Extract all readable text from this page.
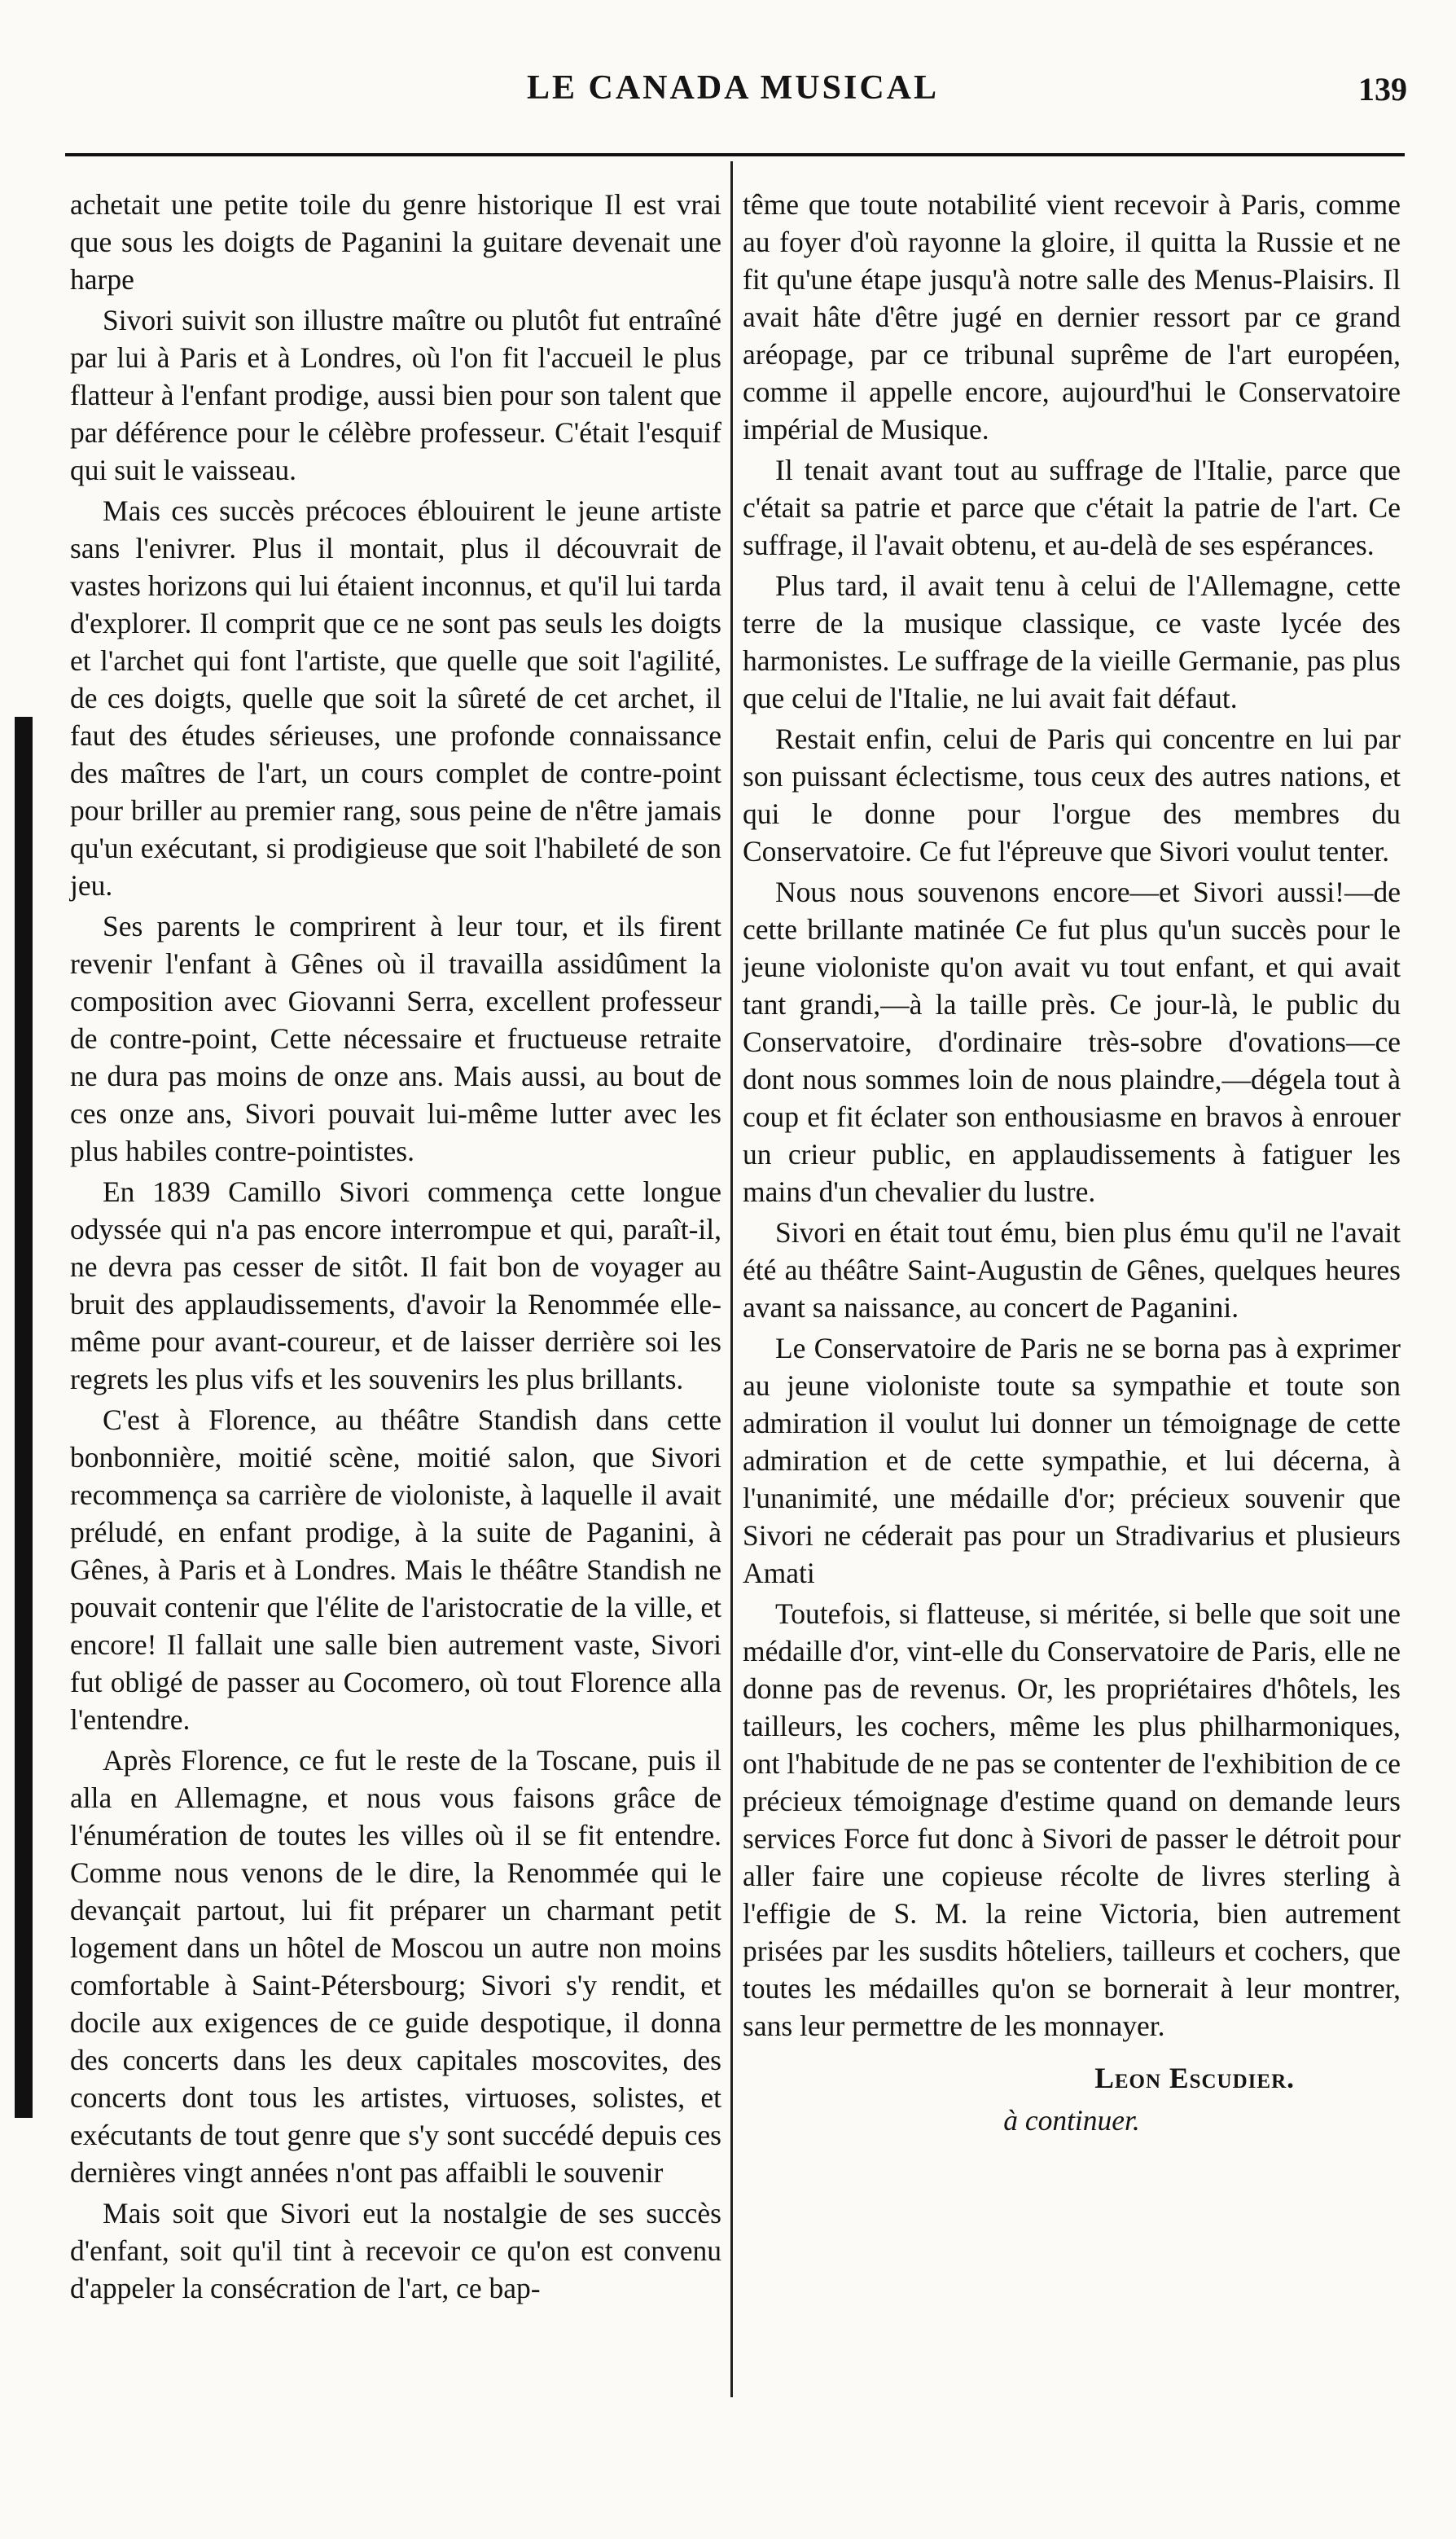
LE CANADA MUSICAL	139

achetait une petite toile du genre historique Il est vrai que sous les doigts de Paganini la guitare devenait une harpe

Sivori suivit son illustre maître ou plutôt fut entraîné par lui à Paris et à Londres, où l'on fit l'accueil le plus flatteur à l'enfant prodige, aussi bien pour son talent que par déférence pour le célèbre professeur. C'était l'esquif qui suit le vaisseau.

Mais ces succès précoces éblouirent le jeune artiste sans l'enivrer. Plus il montait, plus il découvrait de vastes horizons qui lui étaient inconnus, et qu'il lui tarda d'explorer. Il comprit que ce ne sont pas seuls les doigts et l'archet qui font l'artiste, que quelle que soit l'agilité, de ces doigts, quelle que soit la sûreté de cet archet, il faut des études sérieuses, une profonde connaissance des maîtres de l'art, un cours complet de contre-point pour briller au premier rang, sous peine de n'être jamais qu'un exécutant, si prodigieuse que soit l'habileté de son jeu.

Ses parents le comprirent à leur tour, et ils firent revenir l'enfant à Gênes où il travailla assidûment la composition avec Giovanni Serra, excellent professeur de contre-point, Cette nécessaire et fructueuse retraite ne dura pas moins de onze ans. Mais aussi, au bout de ces onze ans, Sivori pouvait lui-même lutter avec les plus habiles contre-pointistes.

En 1839 Camillo Sivori commença cette longue odyssée qui n'a pas encore interrompue et qui, paraît-il, ne devra pas cesser de sitôt. Il fait bon de voyager au bruit des applaudissements, d'avoir la Renommée elle-même pour avant-coureur, et de laisser derrière soi les regrets les plus vifs et les souvenirs les plus brillants.

C'est à Florence, au théâtre Standish dans cette bonbonnière, moitié scène, moitié salon, que Sivori recommença sa carrière de violoniste, à laquelle il avait préludé, en enfant prodige, à la suite de Paganini, à Gênes, à Paris et à Londres. Mais le théâtre Standish ne pouvait contenir que l'élite de l'aristocratie de la ville, et encore! Il fallait une salle bien autrement vaste, Sivori fut obligé de passer au Cocomero, où tout Florence alla l'entendre.

Après Florence, ce fut le reste de la Toscane, puis il alla en Allemagne, et nous vous faisons grâce de l'énumération de toutes les villes où il se fit entendre. Comme nous venons de le dire, la Renommée qui le devançait partout, lui fit préparer un charmant petit logement dans un hôtel de Moscou un autre non moins comfortable à Saint-Pétersbourg; Sivori s'y rendit, et docile aux exigences de ce guide despotique, il donna des concerts dans les deux capitales moscovites, des concerts dont tous les artistes, virtuoses, solistes, et exécutants de tout genre que s'y sont succédé depuis ces dernières vingt années n'ont pas affaibli le souvenir

Mais soit que Sivori eut la nostalgie de ses succès d'enfant, soit qu'il tint à recevoir ce qu'on est convenu d'appeler la consécration de l'art, ce bap-

tême que toute notabilité vient recevoir à Paris, comme au foyer d'où rayonne la gloire, il quitta la Russie et ne fit qu'une étape jusqu'à notre salle des Menus-Plaisirs. Il avait hâte d'être jugé en dernier ressort par ce grand aréopage, par ce tribunal suprême de l'art européen, comme il appelle encore, aujourd'hui le Conservatoire impérial de Musique.

Il tenait avant tout au suffrage de l'Italie, parce que c'était sa patrie et parce que c'était la patrie de l'art. Ce suffrage, il l'avait obtenu, et au-delà de ses espérances.

Plus tard, il avait tenu à celui de l'Allemagne, cette terre de la musique classique, ce vaste lycée des harmonistes. Le suffrage de la vieille Germanie, pas plus que celui de l'Italie, ne lui avait fait défaut.

Restait enfin, celui de Paris qui concentre en lui par son puissant éclectisme, tous ceux des autres nations, et qui le donne pour l'orgue des membres du Conservatoire. Ce fut l'épreuve que Sivori voulut tenter.

Nous nous souvenons encore—et Sivori aussi!—de cette brillante matinée Ce fut plus qu'un succès pour le jeune violoniste qu'on avait vu tout enfant, et qui avait tant grandi,—à la taille près. Ce jour-là, le public du Conservatoire, d'ordinaire très-sobre d'ovations—ce dont nous sommes loin de nous plaindre,—dégela tout à coup et fit éclater son enthousiasme en bravos à enrouer un crieur public, en applaudissements à fatiguer les mains d'un chevalier du lustre.

Sivori en était tout ému, bien plus ému qu'il ne l'avait été au théâtre Saint-Augustin de Gênes, quelques heures avant sa naissance, au concert de Paganini.

Le Conservatoire de Paris ne se borna pas à exprimer au jeune violoniste toute sa sympathie et toute son admiration il voulut lui donner un témoignage de cette admiration et de cette sympathie, et lui décerna, à l'unanimité, une médaille d'or; précieux souvenir que Sivori ne céderait pas pour un Stradivarius et plusieurs Amati

Toutefois, si flatteuse, si méritée, si belle que soit une médaille d'or, vint-elle du Conservatoire de Paris, elle ne donne pas de revenus. Or, les propriétaires d'hôtels, les tailleurs, les cochers, même les plus philharmoniques, ont l'habitude de ne pas se contenter de l'exhibition de ce précieux témoignage d'estime quand on demande leurs services Force fut donc à Sivori de passer le détroit pour aller faire une copieuse récolte de livres sterling à l'effigie de S. M. la reine Victoria, bien autrement prisées par les susdits hôteliers, tailleurs et cochers, que toutes les médailles qu'on se bornerait à leur montrer, sans leur permettre de les monnayer.

Leon Escudier.
à continuer.
